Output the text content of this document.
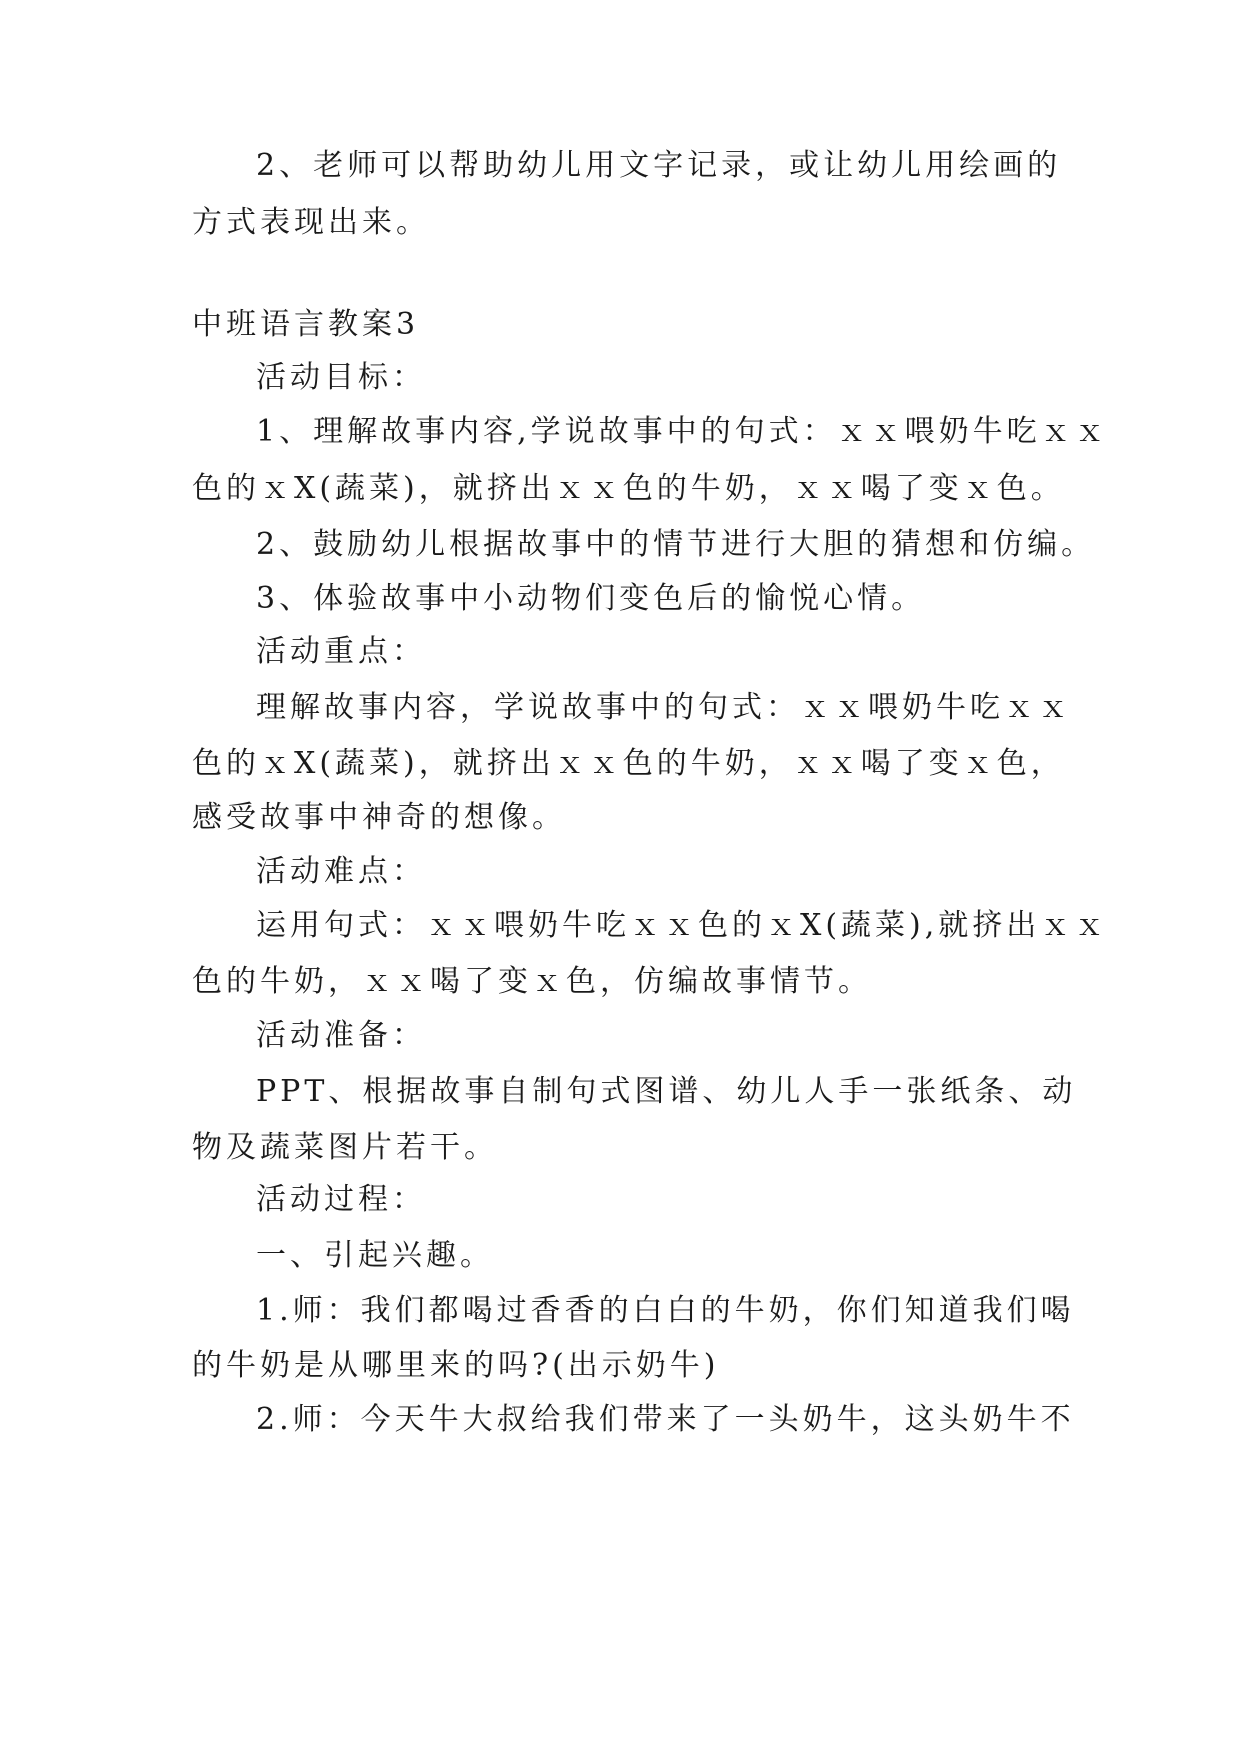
2、老师可以帮助幼儿用文字记录，或让幼儿用绘画的
方式表现出来。
中班语言教案3
活动目标：
1、理解故事内容,学说故事中的句式：ｘｘ喂奶牛吃ｘｘ
色的ｘX(蔬菜)，就挤出ｘｘ色的牛奶，ｘｘ喝了变ｘ色。
2、鼓励幼儿根据故事中的情节进行大胆的猜想和仿编。
3、体验故事中小动物们变色后的愉悦心情。
活动重点：
理解故事内容，学说故事中的句式：ｘｘ喂奶牛吃ｘｘ
色的ｘX(蔬菜)，就挤出ｘｘ色的牛奶，ｘｘ喝了变ｘ色，
感受故事中神奇的想像。
活动难点：
运用句式：ｘｘ喂奶牛吃ｘｘ色的ｘX(蔬菜),就挤出ｘｘ
色的牛奶，ｘｘ喝了变ｘ色，仿编故事情节。
活动准备：
PPT、根据故事自制句式图谱、幼儿人手一张纸条、动
物及蔬菜图片若干。
活动过程：
一、引起兴趣。
1.师：我们都喝过香香的白白的牛奶，你们知道我们喝
的牛奶是从哪里来的吗?(出示奶牛)
2.师：今天牛大叔给我们带来了一头奶牛，这头奶牛不
